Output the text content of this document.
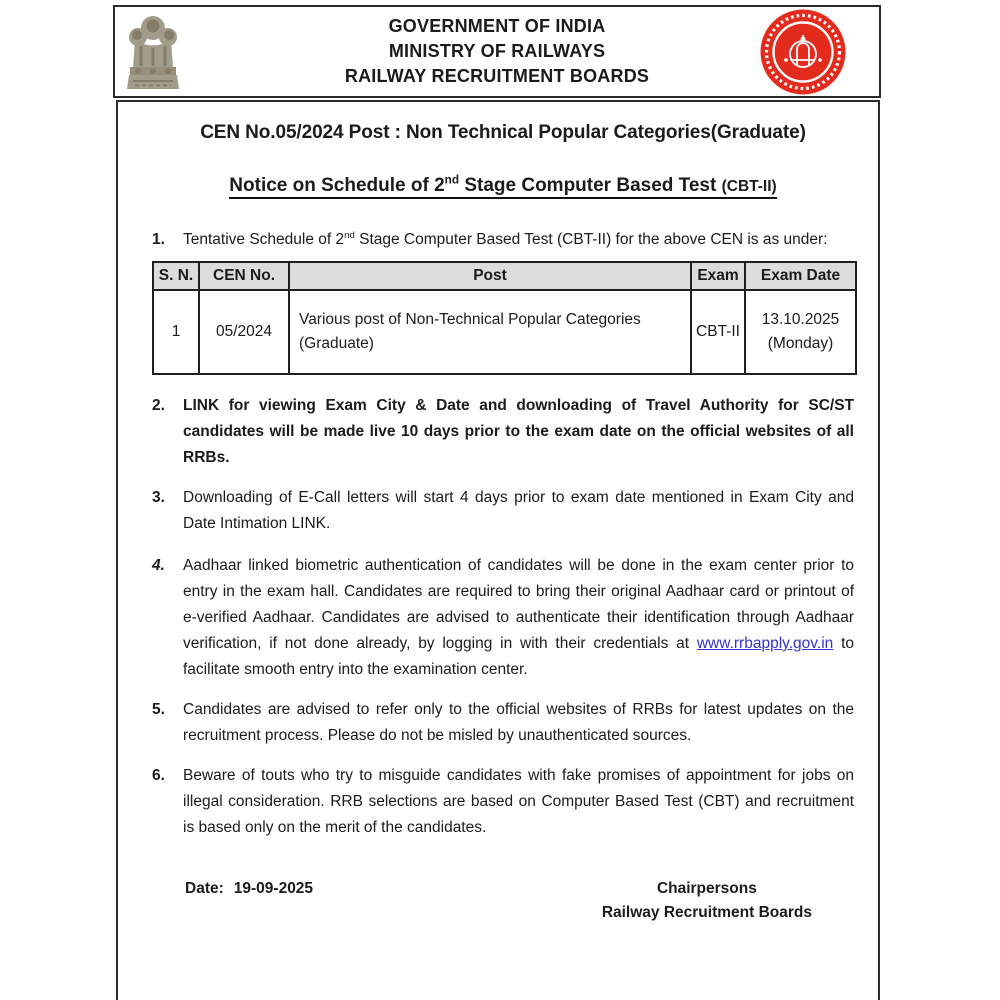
GOVERNMENT OF INDIA
MINISTRY OF RAILWAYS
RAILWAY RECRUITMENT BOARDS
CEN No.05/2024 Post : Non Technical Popular Categories(Graduate)
Notice on Schedule of 2nd Stage Computer Based Test (CBT-II)
1.	Tentative Schedule of 2nd Stage Computer Based Test (CBT-II) for the above CEN is as under:
S. N.	CEN No.	Post	Exam	Exam Date
1	05/2024	Various post of Non-Technical Popular Categories (Graduate)	CBT-II	13.10.2025 (Monday)
2.	LINK for viewing Exam City & Date and downloading of Travel Authority for SC/ST candidates will be made live 10 days prior to the exam date on the official websites of all RRBs.
3.	Downloading of E-Call letters will start 4 days prior to exam date mentioned in Exam City and Date Intimation LINK.
4.	Aadhaar linked biometric authentication of candidates will be done in the exam center prior to entry in the exam hall. Candidates are required to bring their original Aadhaar card or printout of e-verified Aadhaar. Candidates are advised to authenticate their identification through Aadhaar verification, if not done already, by logging in with their credentials at www.rrbapply.gov.in to facilitate smooth entry into the examination center.
5.	Candidates are advised to refer only to the official websites of RRBs for latest updates on the recruitment process. Please do not be misled by unauthenticated sources.
6.	Beware of touts who try to misguide candidates with fake promises of appointment for jobs on illegal consideration. RRB selections are based on Computer Based Test (CBT) and recruitment is based only on the merit of the candidates.
Date: 19-09-2025	Chairpersons
Railway Recruitment Boards
